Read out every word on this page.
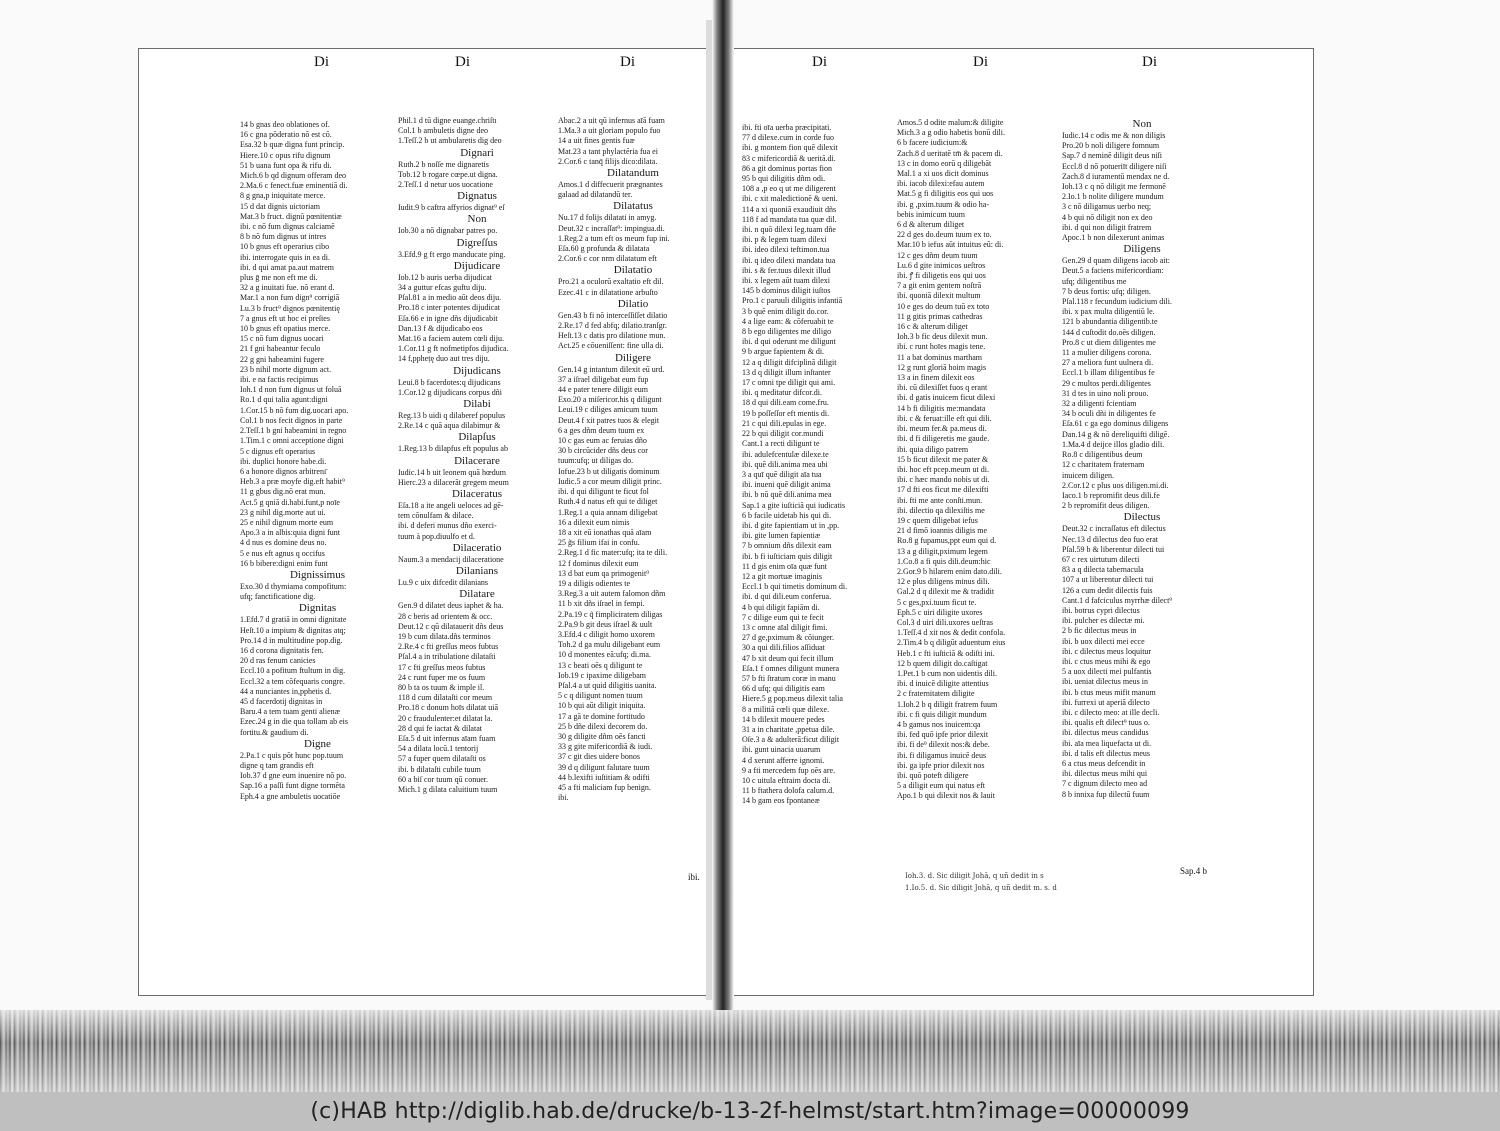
Di	Di	Di	Di	Di	Di
14 b gnas deo oblationes of.
16 c gna pōderatio nō est cō.
Esa.32 b quæ digna funt princip.
Hiere.10 c opus rifu dignum
51 b uana funt opa & rifu di.
Mich.6 b qd dignum offeram deo
2.Ma.6 c fenect.fuæ eminentiā di.
8 g gna,p iniquitate merce.
15 d dat dignis uictoriam
Mat.3 b fruct. dignū pœnitentiæ
ibi. c nō fum dignus calciamē
8 b nō fum dignus ut intres
10 b gnus eft operarius cibo
ibi. interrogate quis in ea di.
ibi. d qui amat pa.aut matrem
plus ḡ me non eft me di.
32 a g inuitati fue. nō erant d.
Mar.1 a non fum dign⁹ corrigiā
Lu.3 b fruct⁹ dignos pœnitentię
7 a gnus eft ut hoc ei preſtes
10 b gnus eft opatius merce.
15 c nō fum dignus uocari
21 f gni habeantur feculo
22 g gni habeamini fugere
23 b nihil morte dignum act.
ibi. e na factis recipimus
Ioh.1 d non fum dignus ut foluā
Ro.1 d qui talia agunt:digni
1.Cor.15 b nō fum dig.uocari apo.
Col.1 b nos fecit dignos in parte
2.Teſſ.1 b gni habeamini in regno
1.Tim.1 c omni acceptione digni
5 c dignus eft operarius
ibi. duplici honore habe.di.
6 a honore dignos arbitrenı̄
Heb.3 a præ moyfe dig.eft habit⁹
11 g gbus dig.nō erat mun.
Act.5 g qniā di.habi.funt,p noīe
23 g nihil dig.morte aut ui.
25 e nihil dignum morte eum
Apo.3 a in albis:quia digni funt
4 d nus es domine deus no.
5 e nus eft agnus q occifus
16 b bibere:digni enim funt
Dignissimus
Exo.30 d thymiama compofitum:
ufq; fanctificatione dig.
Dignitas
1.Efd.7 d gratiā in omni dignitate
Heſt.10 a impium & dignitas atq;
Pro.14 d in multitudine pop.dig.
16 d corona dignitatis fen.
20 d ras fenum canicies
Eccl.10 a pofitum ftultum in dig.
Eccl.32 a tem cōfequaris congre.
44 a nunciantes in,pphetis d.
45 d facerdotij dignitas in
Baru.4 a tem tuam genti alienæ
Ezec.24 g in die qua tollam ab eis
fortitu.& gaudium di.
Digne
2.Pa.1 c quis pōt hunc pop.tuum
digne q tam grandis eft
Iob.37 d gne eum inuenire nō po.
Sap.16 a paſſi funt digne tormēta
Eph.4 a gne ambuletis uocatiōe
Phil.1 d tū digne euange.chriſtı
Col.1 b ambuletis digne deo
1.Teſſ.2 b ut ambularetis dig deo
Dignari
Ruth.2 b noſſe me dignaretis
Tob.12 b rogare cœpe.ut digna.
2.Teſſ.1 d netur uos uocatione
Dignatus
Iudit.9 b caftra affyrios dignat⁹ eſ
Non
Iob.30 a nō dignabar patres po.
Digreſſus
3.Efd.9 g ft ergo manducate ping.
Dijudicare
Iob.12 b auris uerba dijudicat
34 a guttur efcas guftu diju.
Pſal.81 a in medio aūt deos diju.
Pro.18 c inter potentes dijudicat
Eſa.66 e in igne dñs dijudicabit
Dan.13 f & dijudicabo eos
Mat.16 a faciem autem cœli diju.
1.Cor.11 g ft nofmetipfos dijudica.
14 f,ppheṭę duo aut tres diju.
Dijudicans
Leui.8 b facerdotes:q dijudicans
1.Cor.12 g dijudicans corpus dñi
Dilabi
Reg.13 b uidi q dilaberef populus
2.Re.14 c quā aqua dilabimur &
Dilapſus
1.Reg.13 b dilapfus eft populus ab
Dilacerare
Iudic.14 b uit leonem quā hœdum
Hierc.23 a dilacerāt gregem meum
Dilaceratus
Eſa.18 a ite angeli ueloces ad gē-
tem cōnulfam & dilace.
ibi. d deferi munus dño exerci-
tuum à pop.diuulfo et d.
Dilaceratio
Naum.3 a mendacij dilaceratione
Dilanians
Lu.9 c uix difcedit dilanians
Dilatare
Gen.9 d dilatet deus iaphet & ha.
28 c beris ad orientem & occ.
Deut.12 c qū dilatauerit dñs deus
19 b cum dilata.dñs terminos
2.Re.4 c fti greſſus meos fubtus
Pſal.4 a in tribulatione dilataſti
17 c fti greſſus meos fubtus
24 c runt fuper me os fuum
80 b ta os tuum & imple il.
118 d cum dilataſti cor meum
Pro.18 c donum hoīs dilatat uiā
20 c fraudulenter:et dilatat la.
28 d qui fe iactat & dilatat
Eſa.5 d uit infernus aīam fuam
54 a dilata locū.1 tentorij
57 a fuper quem dilataſti os
ibi. b dilataſti cubile tuum
60 a biſ cor tuum qū conuer.
Mich.1 g dilata caluitium tuum
Abac.2 a uit qū infernus aīā fuam
1.Ma.3 a uit gloriam populo fuo
14 a uit fines gentis fuæ
Mat.23 a tant phylactēria fua ei
2.Cor.6 c tanq̄ filijs dico:dilata.
Dilatandum
Amos.1 d diffecuerit prægnantes
galaad ad dilatandū ter.
Dilatatus
Nu.17 d folijs dilatati in amyg.
Deut.32 c incraſſat⁹: impingua.di.
1.Reg.2 a tum eft os meum fup ini.
Eſa.60 g profunda & dilatata
2.Cor.6 c cor nrm dilatatum eft
Dilatatio
Pro.21 a oculorū exaltatio eft dil.
Ezec.41 c in dilatatione arbuſto
Dilatio
Gen.43 b fi nō interceſſiſſet dilatio
2.Re.17 d fed abfq; dilatio.tranſgr.
Heſt.13 c datis pro dilatione mun.
Act.25 e cōueniſſent: fine ulla di.
Diligere
Gen.14 g intantum dilexit eū urd.
37 a iſrael diligebat eum fup
44 e pater tenere diligit eum
Exo.20 a miſericor.his q diligunt
Leui.19 c diliges amicum tuum
Deut.4 f xit patres tuos & elegit
6 a ges dñm deum tuum ex
10 c gas eum ac feruias dño
30 b circūcider dñs deus cor
tuum:ufq; ut diligas do.
Iofue.23 b ut diligatis dominum
Iudic.5 a cor meum diligit princ.
ibi. d qui diligunt te ficut fol
Ruth.4 d natus eft qui te diliget
1.Reg.1 a quia annam diligebat
16 a dilexit eum nimis
18 a xit eū ionathas quā aīam
25 g̃s filium ifai in confu.
2.Reg.1 d fic mater:ufq; ita te dili.
12 f dominus dilexit eum
13 d bat eum qa primogenit⁹
19 a diligis odientes te
3.Reg.3 a uit autem falomon dñm
11 b xit dñs iſrael in fempi.
2.Pa.19 c q̃ fimpliciratem diligas
2.Pa.9 b git deus iſrael & uult
3.Efd.4 c diligit homo uxorem
Toh.2 d ga mulu diligebant eum
10 d monentes eā:ufq; di.ma.
13 c beati oēs q diligunt te
Iob.19 c ipaxime diligebam
Pſal.4 a ut quid diligitis uanita.
5 c q diligunt nomen tuum
10 b qui aūt diligit iniquita.
17 a gā te domine fortitudo
25 b dñe dilexi decorem do.
30 g diligite dñm oēs fancti
33 g gite mifericordiā & iudi.
37 c git dies uidere bonos
39 d q diligunt falutare tuum
44 b.lexifti iuſtitiam & odifti
45 a fti maliciam fup benign.
ibi.
ibi. fti oīa uerba præcipitati.
77 d dilexe.cum in corde fuo
ibi. g montem fion quē dilexit
83 c mifericordiā & ueritā.di.
86 a git dominus portas fion
95 b qui diligitis dñm odi.
108 a ,p eo q ut me diligerent
ibi. c xit maledictionē & ueni.
114 a xi quoniā exaudiuit dñs
118 f ad mandata tua quæ dil.
ibi. n quō dilexi leg.tuam dñe
ibi. p & legem tuam dilexi
ibi. ideo dilexi teftimon.tua
ibi. q ideo dilexi mandata tua
ibi. s & fer.tuus dilexit illud
ibi. x legem aūt tuam dilexi
145 b dominus diligit iuſtos
Pro.1 c paruuli diligitis infantiā
3 b quē enim diligit do.cor.
4 a lige eam: & cōferuabit te
8 b ego diligentes me diligo
ibi. d qui oderunt me diligunt
9 b argue fapientem & di.
12 a q diligit difciplinā diligit
13 d q diligit illum inſtanter
17 c omni tpe diligit qui ami.
ibi. q meditatur difcor.di.
18 d qui dili.eam come.fru.
19 b poſſeſſor eft mentis di.
21 c qui dili.epulas in ege.
22 b qui diligit cor.mundi
Cant.1 a recti diligunt te
ibi. adulefcentulæ dilexe.te
ibi. quē dili.anima mea ubi
3 a quī quē diligit aīa tua
ibi. inueni quē diligit anima
ibi. b nū quē dili.anima mea
Sap.1 a gite iuſticiā qui iudicatis
6 b facile uidetab his qui di.
ibi. d gite fapientiam ut in ,pp.
ibi. gite lumen fapientiæ
7 b omnium dñs dilexit eam
ibi. b fi iuſticiam quis diligit
11 d gis enim oīa quæ funt
12 a git mortuæ imaginis
Eccl.1 b qui timetis dominum di.
ibi. d qui dili.eum conferua.
4 b qui diligit fapiām di.
7 c dilige eum qui te fecit
13 c omne aīal diligit fimi.
27 d ge,pximum & cōiunger.
30 a qui dili.filios aſſiduat
47 b xit deum qui fecit illum
Eſa.1 f omnes diligunt munera
57 b fti ſtratum coræ in manu
66 d ufq; qui diligitis eam
Hiere.5 g pop.meus dilexit talia
8 a militiā cœli quæ dilexe.
14 b dilexit mouere pedes
31 a in charitate ,ppetua dile.
Oſe.3 a & adulterā:ficut diligit
ibi. gunt uinacia uuarum
4 d xerunt afferre ignomi.
9 a fti mercedem fup oēs are.
10 c uitula eftraim docta di.
11 b ftathera dolofa calum.d.
14 b gam eos fpontaneæ
Amos.5 d odite malum:& diligite
Mich.3 a g odio habetis bonū dili.
6 b facere iudicium:&
Zach.8 d ueritatē tm̄ & pacem di.
13 c in domo eorū q diligebāt
Mal.1 a xi uos dicit dominus
ibi. iacob dilexi:efau autem
Mat.5 g fi diligitis eos qui uos
ibi. g ,pxim.tuum & odio ha-
bebis inimicum tuum
6 d & alterum diliget
22 d ges do.deum tuum ex to.
Mar.10 b iefus aūt intuitus eū: di.
12 c ges dñm deum tuum
Lu.6 d gite inimicos ueſtros
ibi. ꝭ fi diligetis eos qui uos
7 a git enim gentem noſtrā
ibi. quoniā dilexit multum
10 e ges do deum tuū ex toto
11 g gitis primas cathedras
16 c & alterum diliget
Ioh.3 b fic deus dilexit mun.
ibi. c runt hoīes magis tene.
11 a bat dominus martham
12 g runt gloriā hoim magis
13 a in finem dilexit eos
ibi. cū dilexiſſet fuos q erant
ibi. d gatis inuicem ficut dilexi
14 b fi diligitis me:mandata
ibi. c & feruat:ille eft qui dili.
ibi. meum fer.& pa.meus di.
ibi. d fi diligeretis me gaude.
ibi. quia diligo patrem
15 b ficut dilexit me pater &
ibi. hoc eft pcep.meum ut di.
ibi. c hæc mando nobis ut di.
17 d fti eos ficut me dilexifti
ibi. fti me ante conſti.mun.
ibi. dilectio qa dilexiſtis me
19 c quem diligebat iefus
21 d fimō ioannis diligis me
Ro.8 g fupamus,ppt eum qui d.
13 a g diligit,pximum legem
1.Co.8 a fi quis dili.deum:hic
2.Gor.9 b hilarem enim dato.dili.
12 e plus diligens minus dili.
Gal.2 d q dilexit me & tradidit
5 c ges,pxi.tuum ficut te.
Eph.5 c uiri diligite uxores
Col.3 d uiri dili.uxores ueſtras
1.Teſſ.4 d xit nos & dedit confola.
2.Tim.4 b q diligūt aduentum eius
Heb.1 c fti iuſticiā & odiſti ini.
12 b quem diligit do.caſtigat
1.Pet.1 b cum non uidentis dili.
ibi. d inuicē diligite attentius
2 c fraternitatem diligite
1.Ioh.2 b q diligit fratrem fuum
ibi. c fi quis diligit mundum
4 b gamus nos inuicem:qa
ibi. fed quō ipfe prior dilexit
ibi. fi de⁹ dilexit nos:& debe.
ibi. fi diligamus inuicē deus
ibi. ga ipfe prior dilexit nos
ibi. quō poteft diligere
5 a diligit eum qui natus eft
Apo.1 b qui dilexit nos & lauit
Non
Iudic.14 c odis me & non diligis
Pro.20 b noli diligere fomnum
Sap.7 d neminē diligit deus niſi
Eccl.8 d nō potueriīt diligere niſi
Zach.8 d iuramentū mendax ne d.
Ioh.13 c q nō diligit me fermonē
2.Io.1 b nolite diligere mundum
3 c nō diligamus uerbo neq;
4 b qui nō diligit non ex deo
ibi. d qui non diligit fratrem
Apoc.1 b non dilexerunt animas
Diligens
Gen.29 d quam diligens iacob ait:
Deut.5 a faciens mifericordiam:
ufq; diligentibus me
7 b deus fortis: ufq; diligen.
Pſal.118 r fecundum iudicium dili.
ibi. x pax multa diligentiū le.
121 b abundantia diligentib.te
144 d cuſtodit do.oēs diligen.
Pro.8 c ut diem diligentes me
11 a mulier diligens corona.
27 a meliora funt uulnera di.
Eccl.1 b illam diligentibus fe
29 c multos perdi.diligentes
31 d tes in uino noli prouo.
32 a diligenti fcientiam
34 b oculi dñi in diligentes fe
Eſa.61 c ga ego dominus diligens
Dan.14 g & nō dereliquifti diligē.
1.Ma.4 d deijce illos gladio dili.
Ro.8 c diligentibus deum
12 c charitatem fraternam
inuicem diligen.
2.Cor.12 c plus uos diligen.mi.di.
Iaco.1 b repromifit deus dili.fe
2 b repromifit deus diligen.
Dilectus
Deut.32 c incraſſatus eft dilectus
Nec.13 d dilectus deo fuo erat
Pſal.59 b & liberentur dilecti tui
67 c rex uirtutum dilecti
83 a q dilecta tabernacula
107 a ut liberentur dilecti tui
126 a cum dedit dilectis fuis
Cant.1 d fafciculus myrrhæ dilect⁹
ibi. botrus cypri dilectus
ibi. pulcher es dilectæ mi.
2 b fic dilectus meus in
ibi. b uox dilecti mei ecce
ibi. c dilectus meus loquitur
ibi. c ctus meus mihi & ego
5 a uox dilecti mei pulfantis
ibi. ueniat dilectus meus in
ibi. b ctus meus mifit manum
ibi. furrexi ut aperiā dilecto
ibi. c dilecto meo: at ille decli.
ibi. qualis eft dilect⁹ tuus o.
ibi. dilectus meus candidus
ibi. aīa mea liquefacta ut di.
ibi. d talis eft dilectus meus
6 a ctus meus defcendit in
ibi. dilectus meus mihi qui
7 c dignum dilecto meo ad
8 b innixa fup dilectū fuum
Ioh.3. d. Sic diligit Johā, q uñ dedit in s
1.Io.5. d. Sic diligit Johā, q uñ dedit m. s. d
Sap.4 b
ibi.
(c)HAB http://diglib.hab.de/drucke/b-13-2f-helmst/start.htm?image=00000099
